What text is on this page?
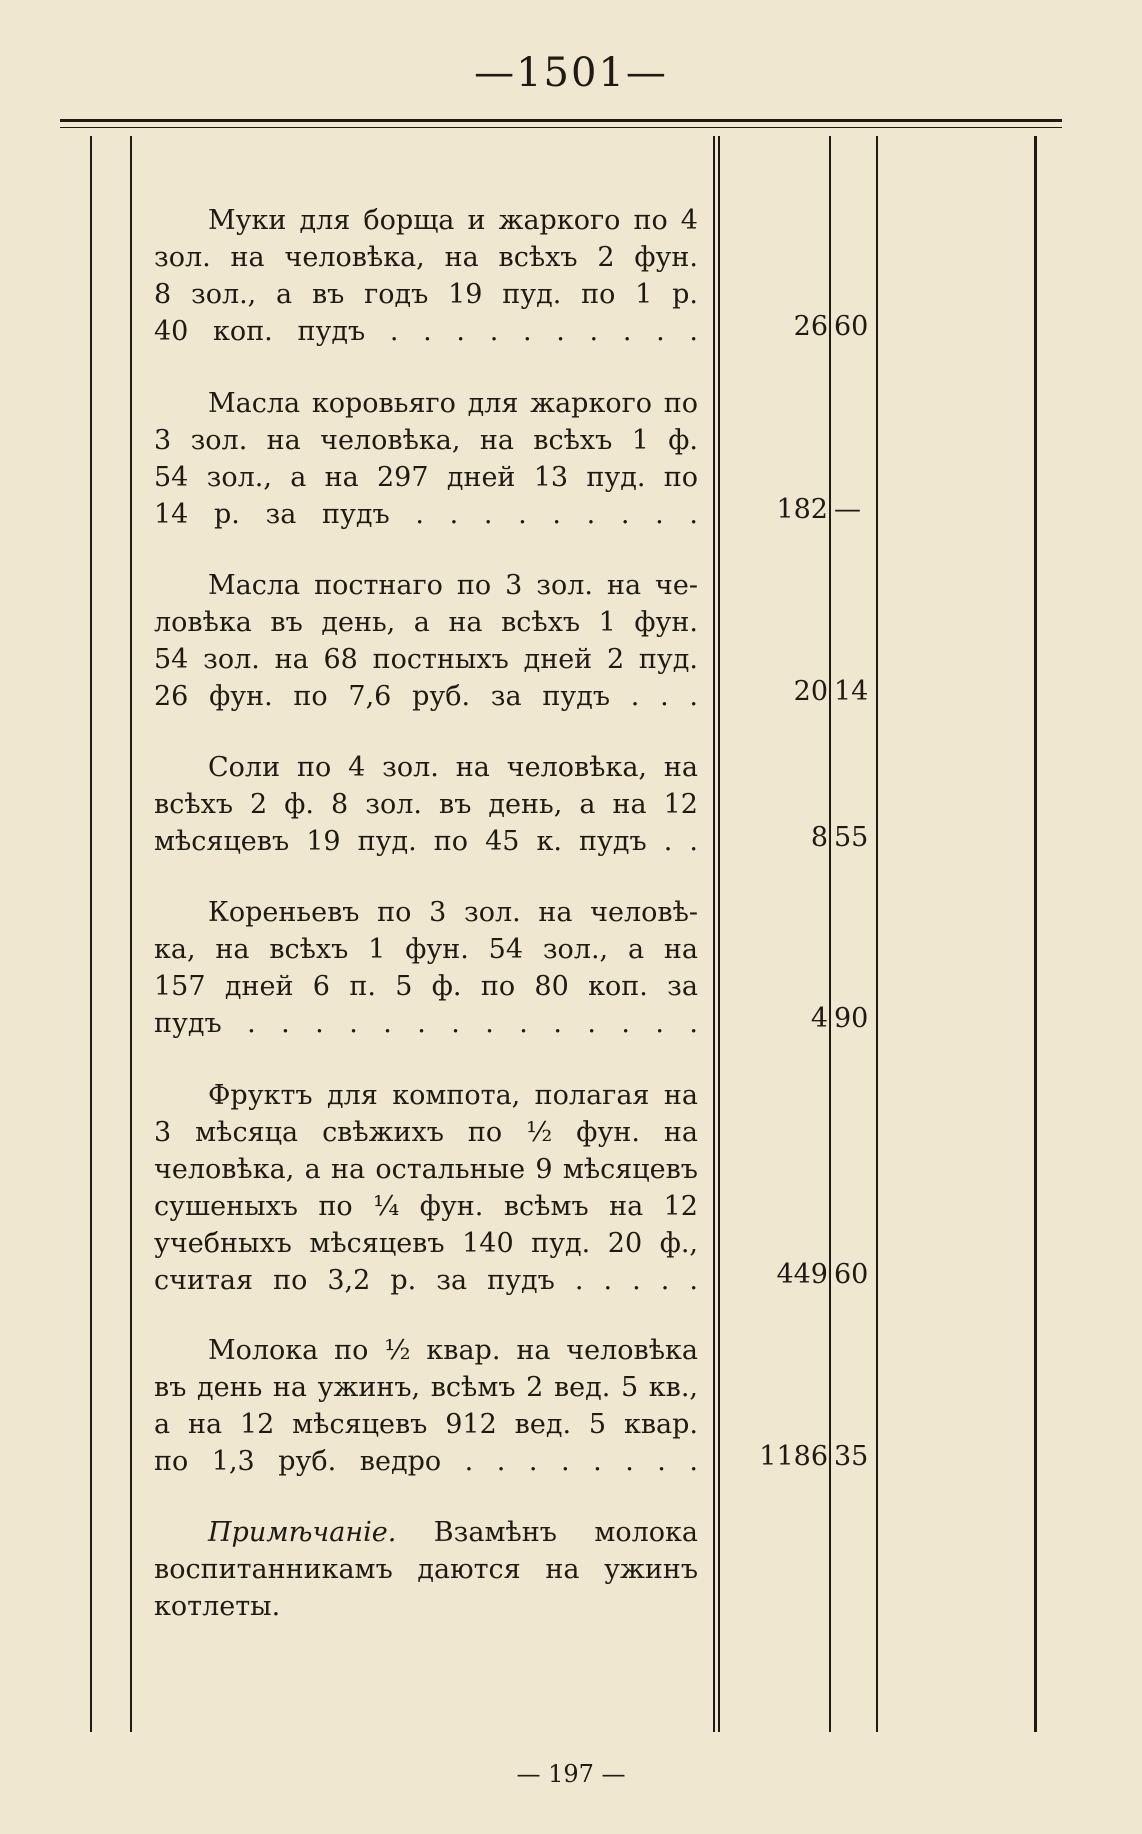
—1501—
Муки для борща и жаркого по 4
зол. на человѣка, на всѣхъ 2 фун.
8 зол., а въ годъ 19 пуд. по 1 р.
40 коп. пудъ . . . . . . . . . .	26 60
Масла коровьяго для жаркого по
3 зол. на человѣка, на всѣхъ 1 ф.
54 зол., а на 297 дней 13 пуд. по
14 р. за пудъ . . . . . . . . .	182 —
Масла постнаго по 3 зол. на че-
ловѣка въ день, а на всѣхъ 1 фун.
54 зол. на 68 постныхъ дней 2 пуд.
26 фун. по 7,6 руб. за пудъ . . .	20 14
Соли по 4 зол. на человѣка, на
всѣхъ 2 ф. 8 зол. въ день, а на 12
мѣсяцевъ 19 пуд. по 45 к. пудъ . .	8 55
Кореньевъ по 3 зол. на человѣ-
ка, на всѣхъ 1 фун. 54 зол., а на
157 дней 6 п. 5 ф. по 80 коп. за
пудъ . . . . . . . . . . . . . .	4 90
Фруктъ для компота, полагая на
3 мѣсяца свѣжихъ по ½ фун. на
человѣка, а на остальные 9 мѣсяцевъ
сушеныхъ по ¼ фун. всѣмъ на 12
учебныхъ мѣсяцевъ 140 пуд. 20 ф.,
считая по 3,2 р. за пудъ . . . . .	449 60
Молока по ½ квар. на человѣка
въ день на ужинъ, всѣмъ 2 вед. 5 кв.,
а на 12 мѣсяцевъ 912 вед. 5 квар.
по 1,3 руб. ведро . . . . . . . .	1186 35
Примѣчаніе. Взамѣнъ молока
воспитанникамъ даются на ужинъ
котлеты.
— 197 —
